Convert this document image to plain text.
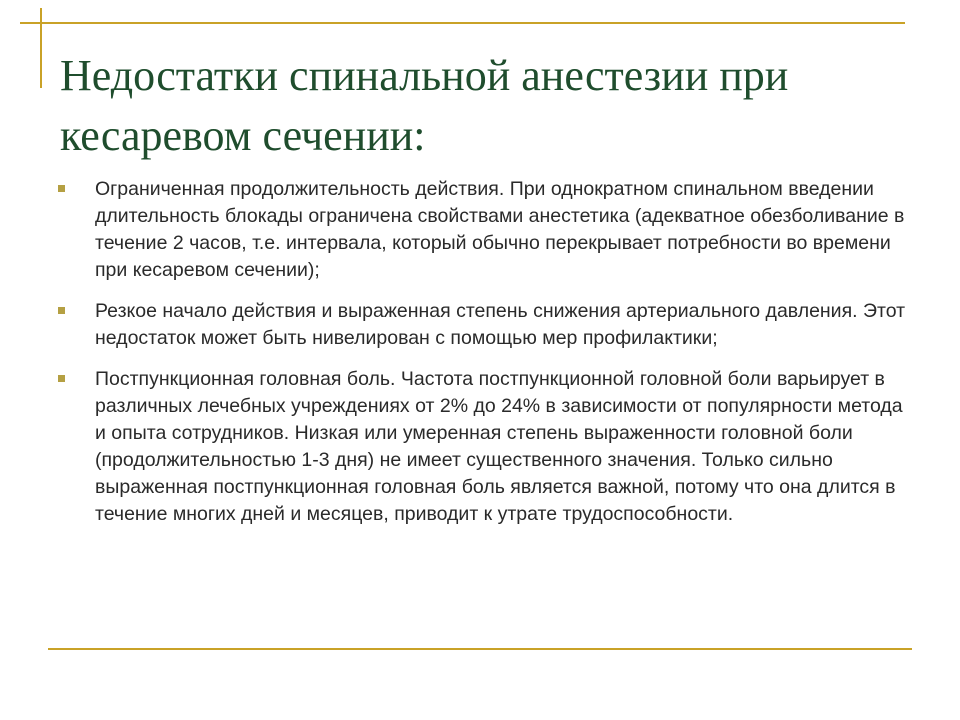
Недостатки спинальной анестезии при кесаревом сечении:
Ограниченная продолжительность действия. При однократном спинальном введении длительность блокады ограничена свойствами анестетика (адекватное обезболивание в течение 2 часов, т.е. интервала, который обычно перекрывает потребности во времени при кесаревом сечении);
Резкое начало действия и выраженная степень снижения артериального давления. Этот недостаток может быть нивелирован с помощью мер профилактики;
Постпункционная головная боль. Частота постпункционной головной боли варьирует в различных лечебных учреждениях от 2% до 24% в зависимости от популярности метода и опыта сотрудников. Низкая или умеренная степень выраженности головной боли (продолжительностью 1-3 дня) не имеет существенного значения. Только сильно выраженная постпункционная головная боль является важной, потому что она длится в течение многих дней и месяцев, приводит к утрате трудоспособности.
